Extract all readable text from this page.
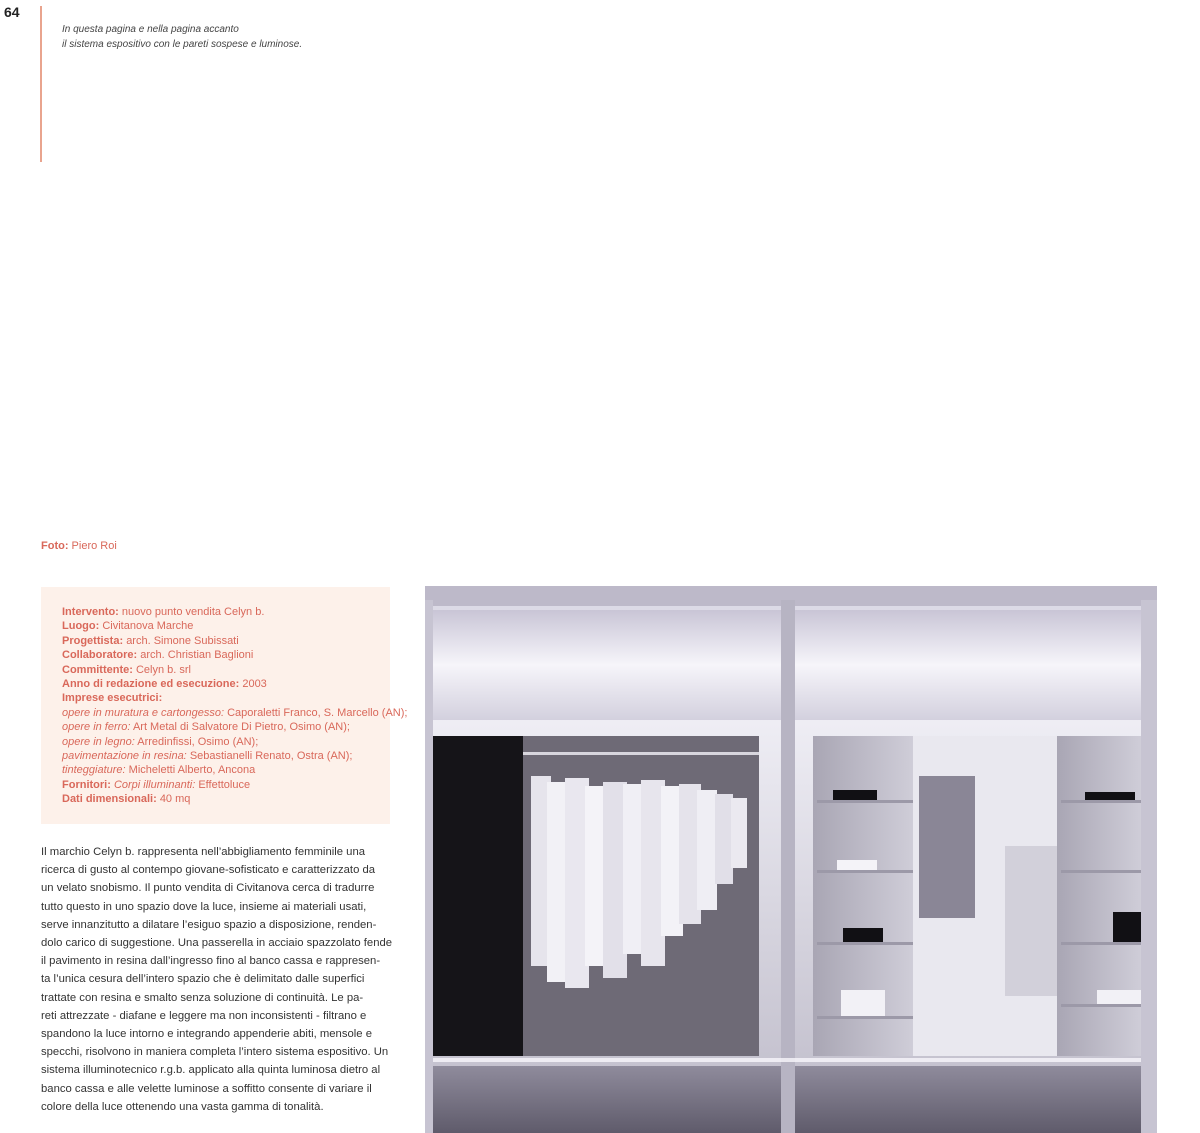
64
In questa pagina e nella pagina accanto
il sistema espositivo con le pareti sospese e luminose.
Foto: Piero Roi
Intervento: nuovo punto vendita Celyn b.
Luogo: Civitanova Marche
Progettista: arch. Simone Subissati
Collaboratore: arch. Christian Baglioni
Committente: Celyn b. srl
Anno di redazione ed esecuzione: 2003
Imprese esecutrici:
opere in muratura e cartongesso: Caporaletti Franco, S. Marcello (AN);
opere in ferro: Art Metal di Salvatore Di Pietro, Osimo (AN);
opere in legno: Arredinfissi, Osimo (AN);
pavimentazione in resina: Sebastianelli Renato, Ostra (AN);
tinteggiature: Micheletti Alberto, Ancona
Fornitori: Corpi illuminanti: Effettoluce
Dati dimensionali: 40 mq
Il marchio Celyn b. rappresenta nell’abbigliamento femminile una
ricerca di gusto al contempo giovane-sofisticato e caratterizzato da
un velato snobismo. Il punto vendita di Civitanova cerca di tradurre
tutto questo in uno spazio dove la luce, insieme ai materiali usati,
serve innanzitutto a dilatare l’esiguo spazio a disposizione, renden-
dolo carico di suggestione. Una passerella in acciaio spazzolato fende
il pavimento in resina dall’ingresso fino al banco cassa e rappresen-
ta l’unica cesura dell’intero spazio che è delimitato dalle superfici
trattate con resina e smalto senza soluzione di continuità. Le pa-
reti attrezzate - diafane e leggere ma non inconsistenti - filtrano e
spandono la luce intorno e integrando appenderie abiti, mensole e
specchi, risolvono in maniera completa l’intero sistema espositivo. Un
sistema illuminotecnico r.g.b. applicato alla quinta luminosa dietro al
banco cassa e alle velette luminose a soffitto consente di variare il
colore della luce ottenendo una vasta gamma di tonalità.
